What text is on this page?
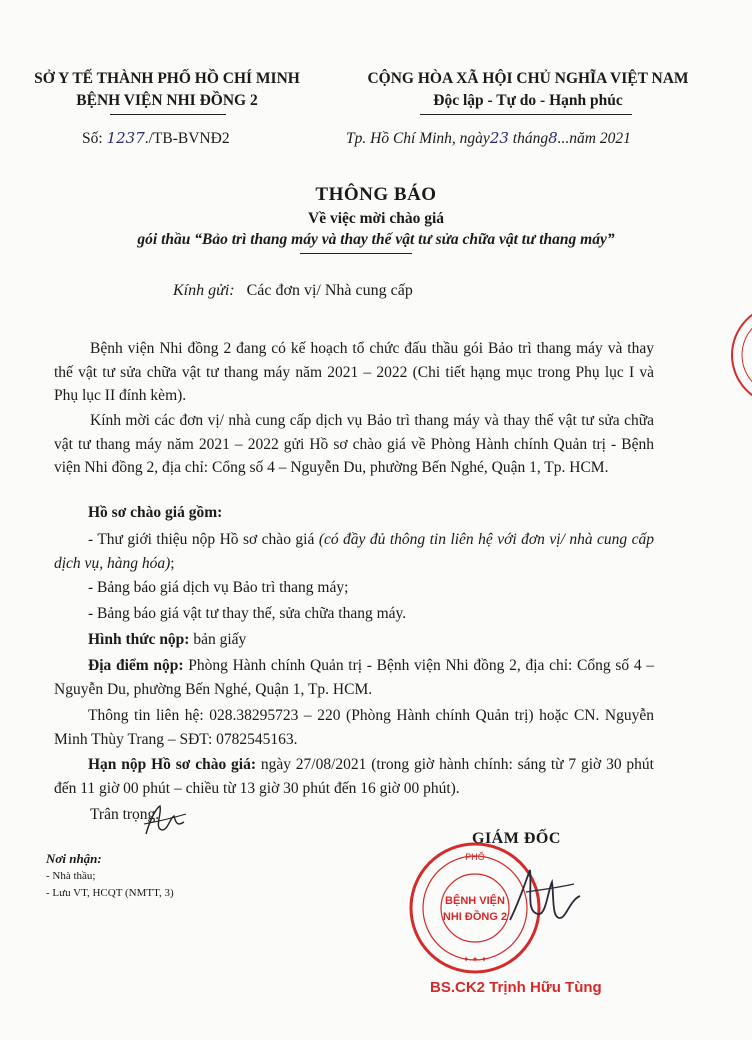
SỞ Y TẾ THÀNH PHỐ HỒ CHÍ MINH
BỆNH VIỆN NHI ĐỒNG 2
CỘNG HÒA XÃ HỘI CHỦ NGHĨA VIỆT NAM
Độc lập - Tự do - Hạnh phúc
Số: 1237./TB-BVNĐ2	Tp. Hồ Chí Minh, ngày23 tháng8...năm 2021
THÔNG BÁO
Về việc mời chào giá
gói thầu “Bảo trì thang máy và thay thế vật tư sửa chữa vật tư thang máy”
Kính gửi: Các đơn vị/ Nhà cung cấp
Bệnh viện Nhi đồng 2 đang có kế hoạch tổ chức đấu thầu gói Bảo trì thang máy và thay thế vật tư sửa chữa vật tư thang máy năm 2021 – 2022 (Chi tiết hạng mục trong Phụ lục I và Phụ lục II đính kèm).
Kính mời các đơn vị/ nhà cung cấp dịch vụ Bảo trì thang máy và thay thế vật tư sửa chữa vật tư thang máy năm 2021 – 2022 gửi Hồ sơ chào giá về Phòng Hành chính Quản trị - Bệnh viện Nhi đồng 2, địa chỉ: Cổng số 4 – Nguyễn Du, phường Bến Nghé, Quận 1, Tp. HCM.
Hồ sơ chào giá gồm:
- Thư giới thiệu nộp Hồ sơ chào giá (có đầy đủ thông tin liên hệ với đơn vị/ nhà cung cấp dịch vụ, hàng hóa);
- Bảng báo giá dịch vụ Bảo trì thang máy;
- Bảng báo giá vật tư thay thế, sửa chữa thang máy.
Hình thức nộp: bản giấy
Địa điểm nộp: Phòng Hành chính Quản trị - Bệnh viện Nhi đồng 2, địa chỉ: Cổng số 4 – Nguyễn Du, phường Bến Nghé, Quận 1, Tp. HCM.
Thông tin liên hệ: 028.38295723 – 220 (Phòng Hành chính Quản trị) hoặc CN. Nguyễn Minh Thùy Trang – SĐT: 0782545163.
Hạn nộp Hồ sơ chào giá: ngày 27/08/2021 (trong giờ hành chính: sáng từ 7 giờ 30 phút đến 11 giờ 00 phút – chiều từ 13 giờ 30 phút đến 16 giờ 00 phút).
Trân trọng.
Nơi nhận:
- Nhà thầu;
- Lưu VT, HCQT (NMTT, 3)
GIÁM ĐỐC
PHỐ
BỆNH VIỆN
NHI ĐỒNG 2
✦ ✦ ✦
BS.CK2 Trịnh Hữu Tùng
